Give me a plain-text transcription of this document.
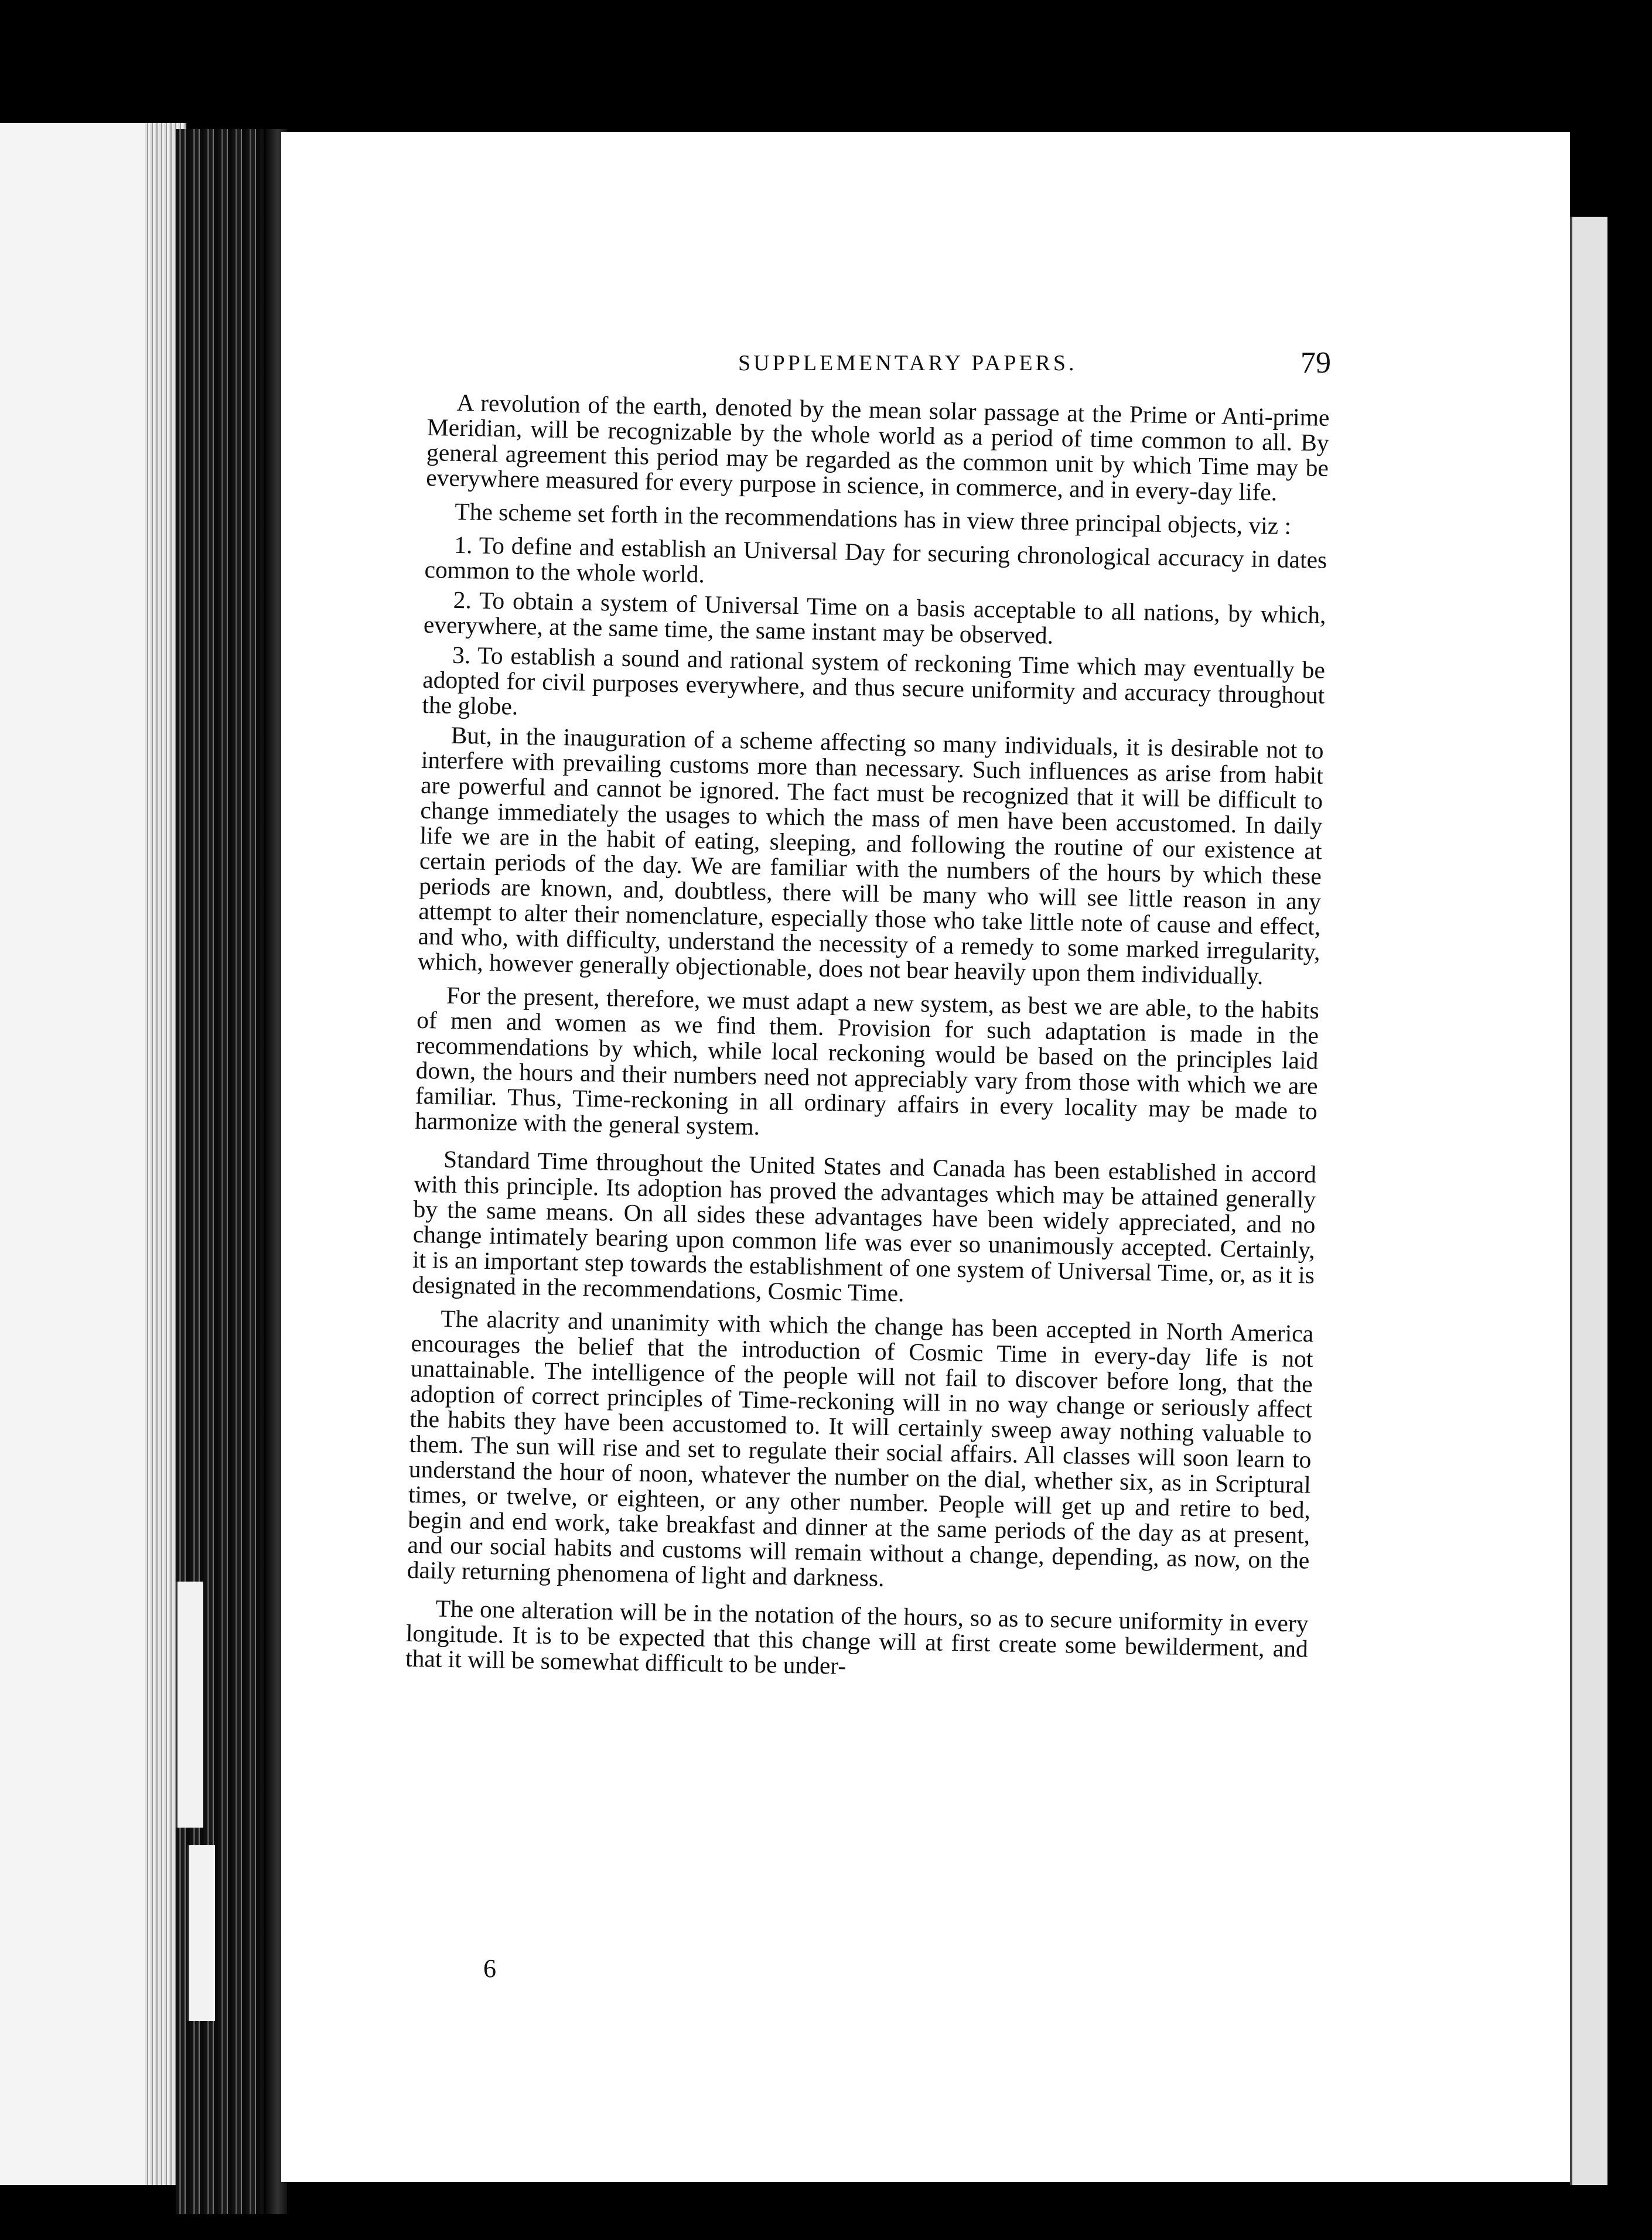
SUPPLEMENTARY PAPERS.	79

A revolution of the earth, denoted by the mean solar passage at the Prime or Anti-prime Meridian, will be recognizable by the whole world as a period of time common to all. By general agreement this period may be regarded as the common unit by which Time may be everywhere measured for every purpose in science, in commerce, and in every-day life.

The scheme set forth in the recommendations has in view three principal objects, viz :

1. To define and establish an Universal Day for securing chronological accuracy in dates common to the whole world.

2. To obtain a system of Universal Time on a basis acceptable to all nations, by which, everywhere, at the same time, the same instant may be observed.

3. To establish a sound and rational system of reckoning Time which may eventually be adopted for civil purposes everywhere, and thus secure uniformity and accuracy throughout the globe.

But, in the inauguration of a scheme affecting so many individuals, it is desirable not to interfere with prevailing customs more than necessary. Such influences as arise from habit are powerful and cannot be ignored. The fact must be recognized that it will be difficult to change immediately the usages to which the mass of men have been accustomed. In daily life we are in the habit of eating, sleeping, and following the routine of our existence at certain periods of the day. We are familiar with the numbers of the hours by which these periods are known, and, doubtless, there will be many who will see little reason in any attempt to alter their nomenclature, especially those who take little note of cause and effect, and who, with difficulty, understand the necessity of a remedy to some marked irregularity, which, however generally objectionable, does not bear heavily upon them individually.

For the present, therefore, we must adapt a new system, as best we are able, to the habits of men and women as we find them. Provision for such adaptation is made in the recommendations by which, while local reckoning would be based on the principles laid down, the hours and their numbers need not appreciably vary from those with which we are familiar. Thus, Time-reckoning in all ordinary affairs in every locality may be made to harmonize with the general system.

Standard Time throughout the United States and Canada has been established in accord with this principle. Its adoption has proved the advantages which may be attained generally by the same means. On all sides these advantages have been widely appreciated, and no change intimately bearing upon common life was ever so unanimously accepted. Certainly, it is an important step towards the establishment of one system of Universal Time, or, as it is designated in the recommendations, Cosmic Time.

The alacrity and unanimity with which the change has been accepted in North America encourages the belief that the introduction of Cosmic Time in every-day life is not unattainable. The intelligence of the people will not fail to discover before long, that the adoption of correct principles of Time-reckoning will in no way change or seriously affect the habits they have been accustomed to. It will certainly sweep away nothing valuable to them. The sun will rise and set to regulate their social affairs. All classes will soon learn to understand the hour of noon, whatever the number on the dial, whether six, as in Scriptural times, or twelve, or eighteen, or any other number. People will get up and retire to bed, begin and end work, take breakfast and dinner at the same periods of the day as at present, and our social habits and customs will remain without a change, depending, as now, on the daily returning phenomena of light and darkness.

The one alteration will be in the notation of the hours, so as to secure uniformity in every longitude. It is to be expected that this change will at first create some bewilderment, and that it will be somewhat difficult to be under-

6
